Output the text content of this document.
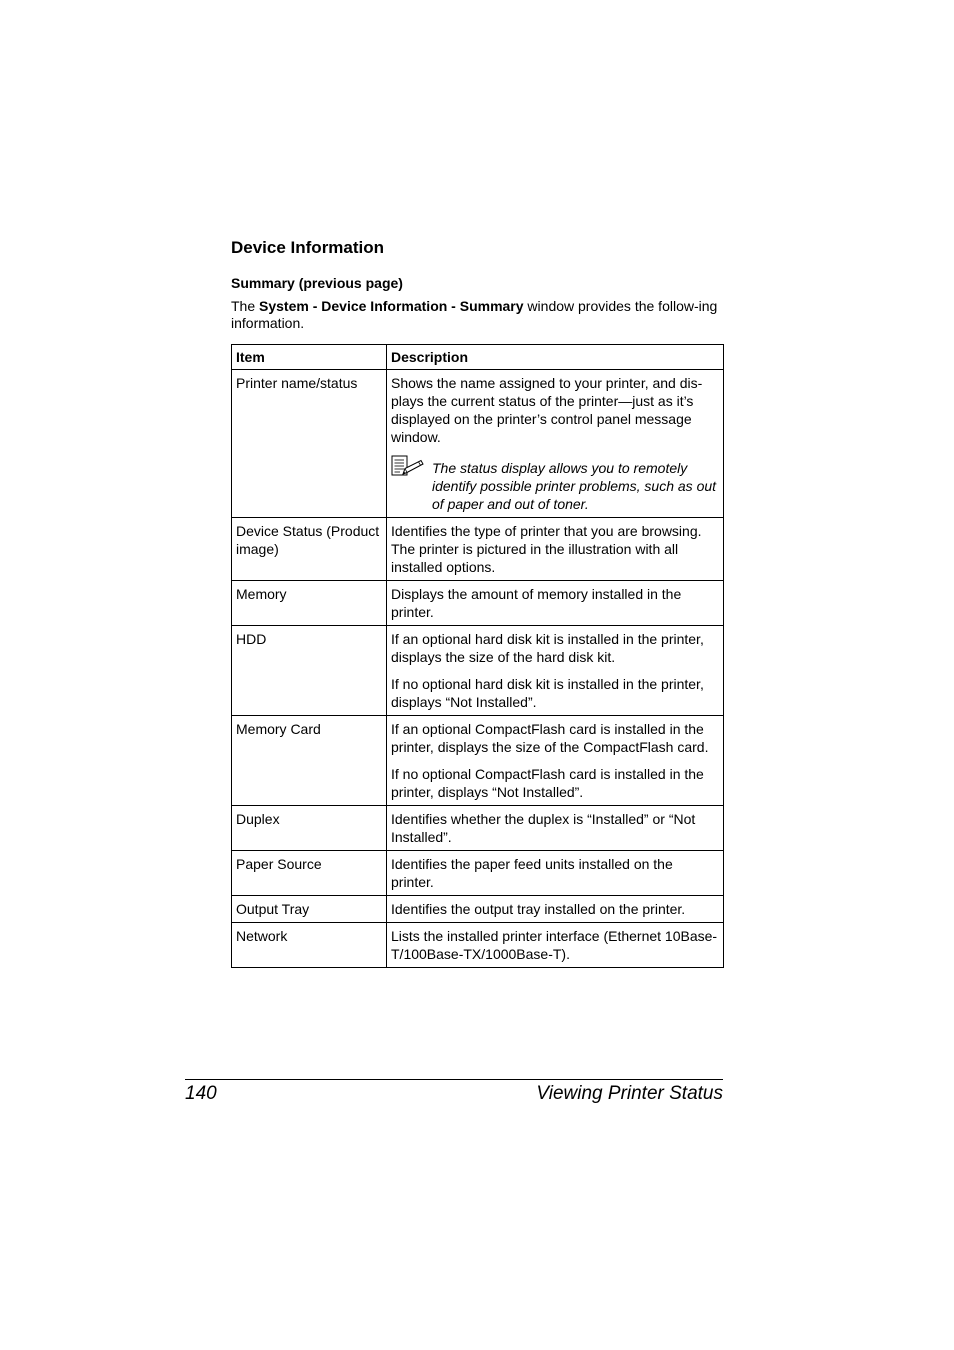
Device Information
Summary (previous page)

The System - Device Information - Summary window provides the follow-ing information.

Item	Description
Printer name/status	Shows the name assigned to your printer, and dis-plays the current status of the printer—just as it’s displayed on the printer’s control panel message window.

The status display allows you to remotely identify possible printer problems, such as out of paper and out of toner.

Device Status (Product image)	Identifies the type of printer that you are browsing. The printer is pictured in the illustration with all installed options.

Memory	Displays the amount of memory installed in the printer.

HDD	If an optional hard disk kit is installed in the printer, displays the size of the hard disk kit.

If no optional hard disk kit is installed in the printer, displays “Not Installed”.

Memory Card	If an optional CompactFlash card is installed in the printer, displays the size of the CompactFlash card.

If no optional CompactFlash card is installed in the printer, displays “Not Installed”.

Duplex	Identifies whether the duplex is “Installed” or “Not Installed”.

Paper Source	Identifies the paper feed units installed on the printer.

Output Tray	Identifies the output tray installed on the printer.

Network	Lists the installed printer interface (Ethernet 10Base-T/100Base-TX/1000Base-T).

140	Viewing Printer Status
